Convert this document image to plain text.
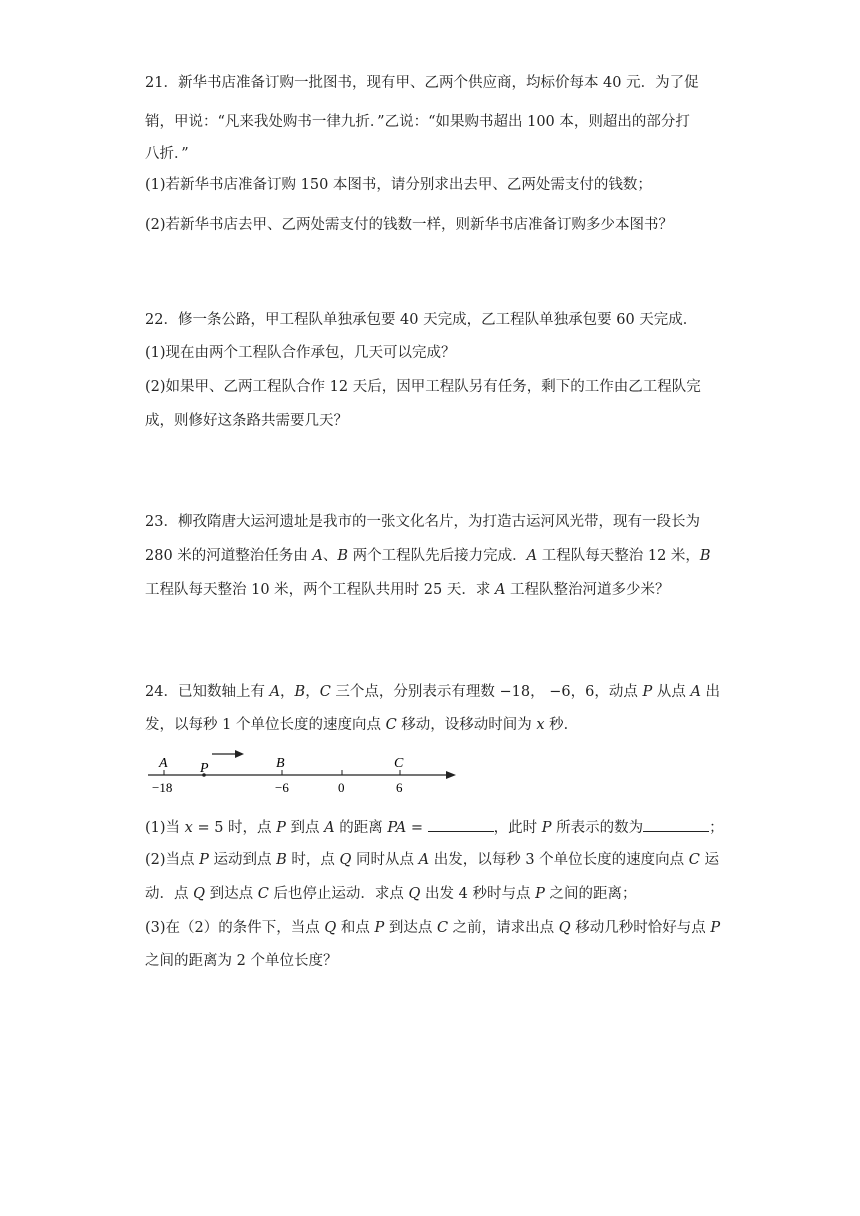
21．新华书店准备订购一批图书，现有甲、乙两个供应商，均标价每本 40 元．为了促
销，甲说：“凡来我处购书一律九折．”乙说：“如果购书超出 100 本，则超出的部分打
八折．”
(1)若新华书店准备订购 150 本图书，请分别求出去甲、乙两处需支付的钱数；
(2)若新华书店去甲、乙两处需支付的钱数一样，则新华书店准备订购多少本图书？
22．修一条公路，甲工程队单独承包要 40 天完成，乙工程队单独承包要 60 天完成．
(1)现在由两个工程队合作承包，几天可以完成？
(2)如果甲、乙两工程队合作 12 天后，因甲工程队另有任务，剩下的工作由乙工程队完
成，则修好这条路共需要几天？
23．柳孜隋唐大运河遗址是我市的一张文化名片，为打造古运河风光带，现有一段长为
280 米的河道整治任务由 A、B 两个工程队先后接力完成．A 工程队每天整治 12 米，B
工程队每天整治 10 米，两个工程队共用时 25 天．求 A 工程队整治河道多少米？
24．已知数轴上有 A，B，C 三个点，分别表示有理数 −18， −6，6，动点 P 从点 A 出
发，以每秒 1 个单位长度的速度向点 C 移动，设移动时间为 x 秒．
A P	B	C
−18	−6	0	6
(1)当 x = 5 时，点 P 到点 A 的距离 PA =	，此时 P 所表示的数为	；
(2)当点 P 运动到点 B 时，点 Q 同时从点 A 出发，以每秒 3 个单位长度的速度向点 C 运
动．点 Q 到达点 C 后也停止运动．求点 Q 出发 4 秒时与点 P 之间的距离；
(3)在（2）的条件下，当点 Q 和点 P 到达点 C 之前，请求出点 Q 移动几秒时恰好与点 P
之间的距离为 2 个单位长度？
